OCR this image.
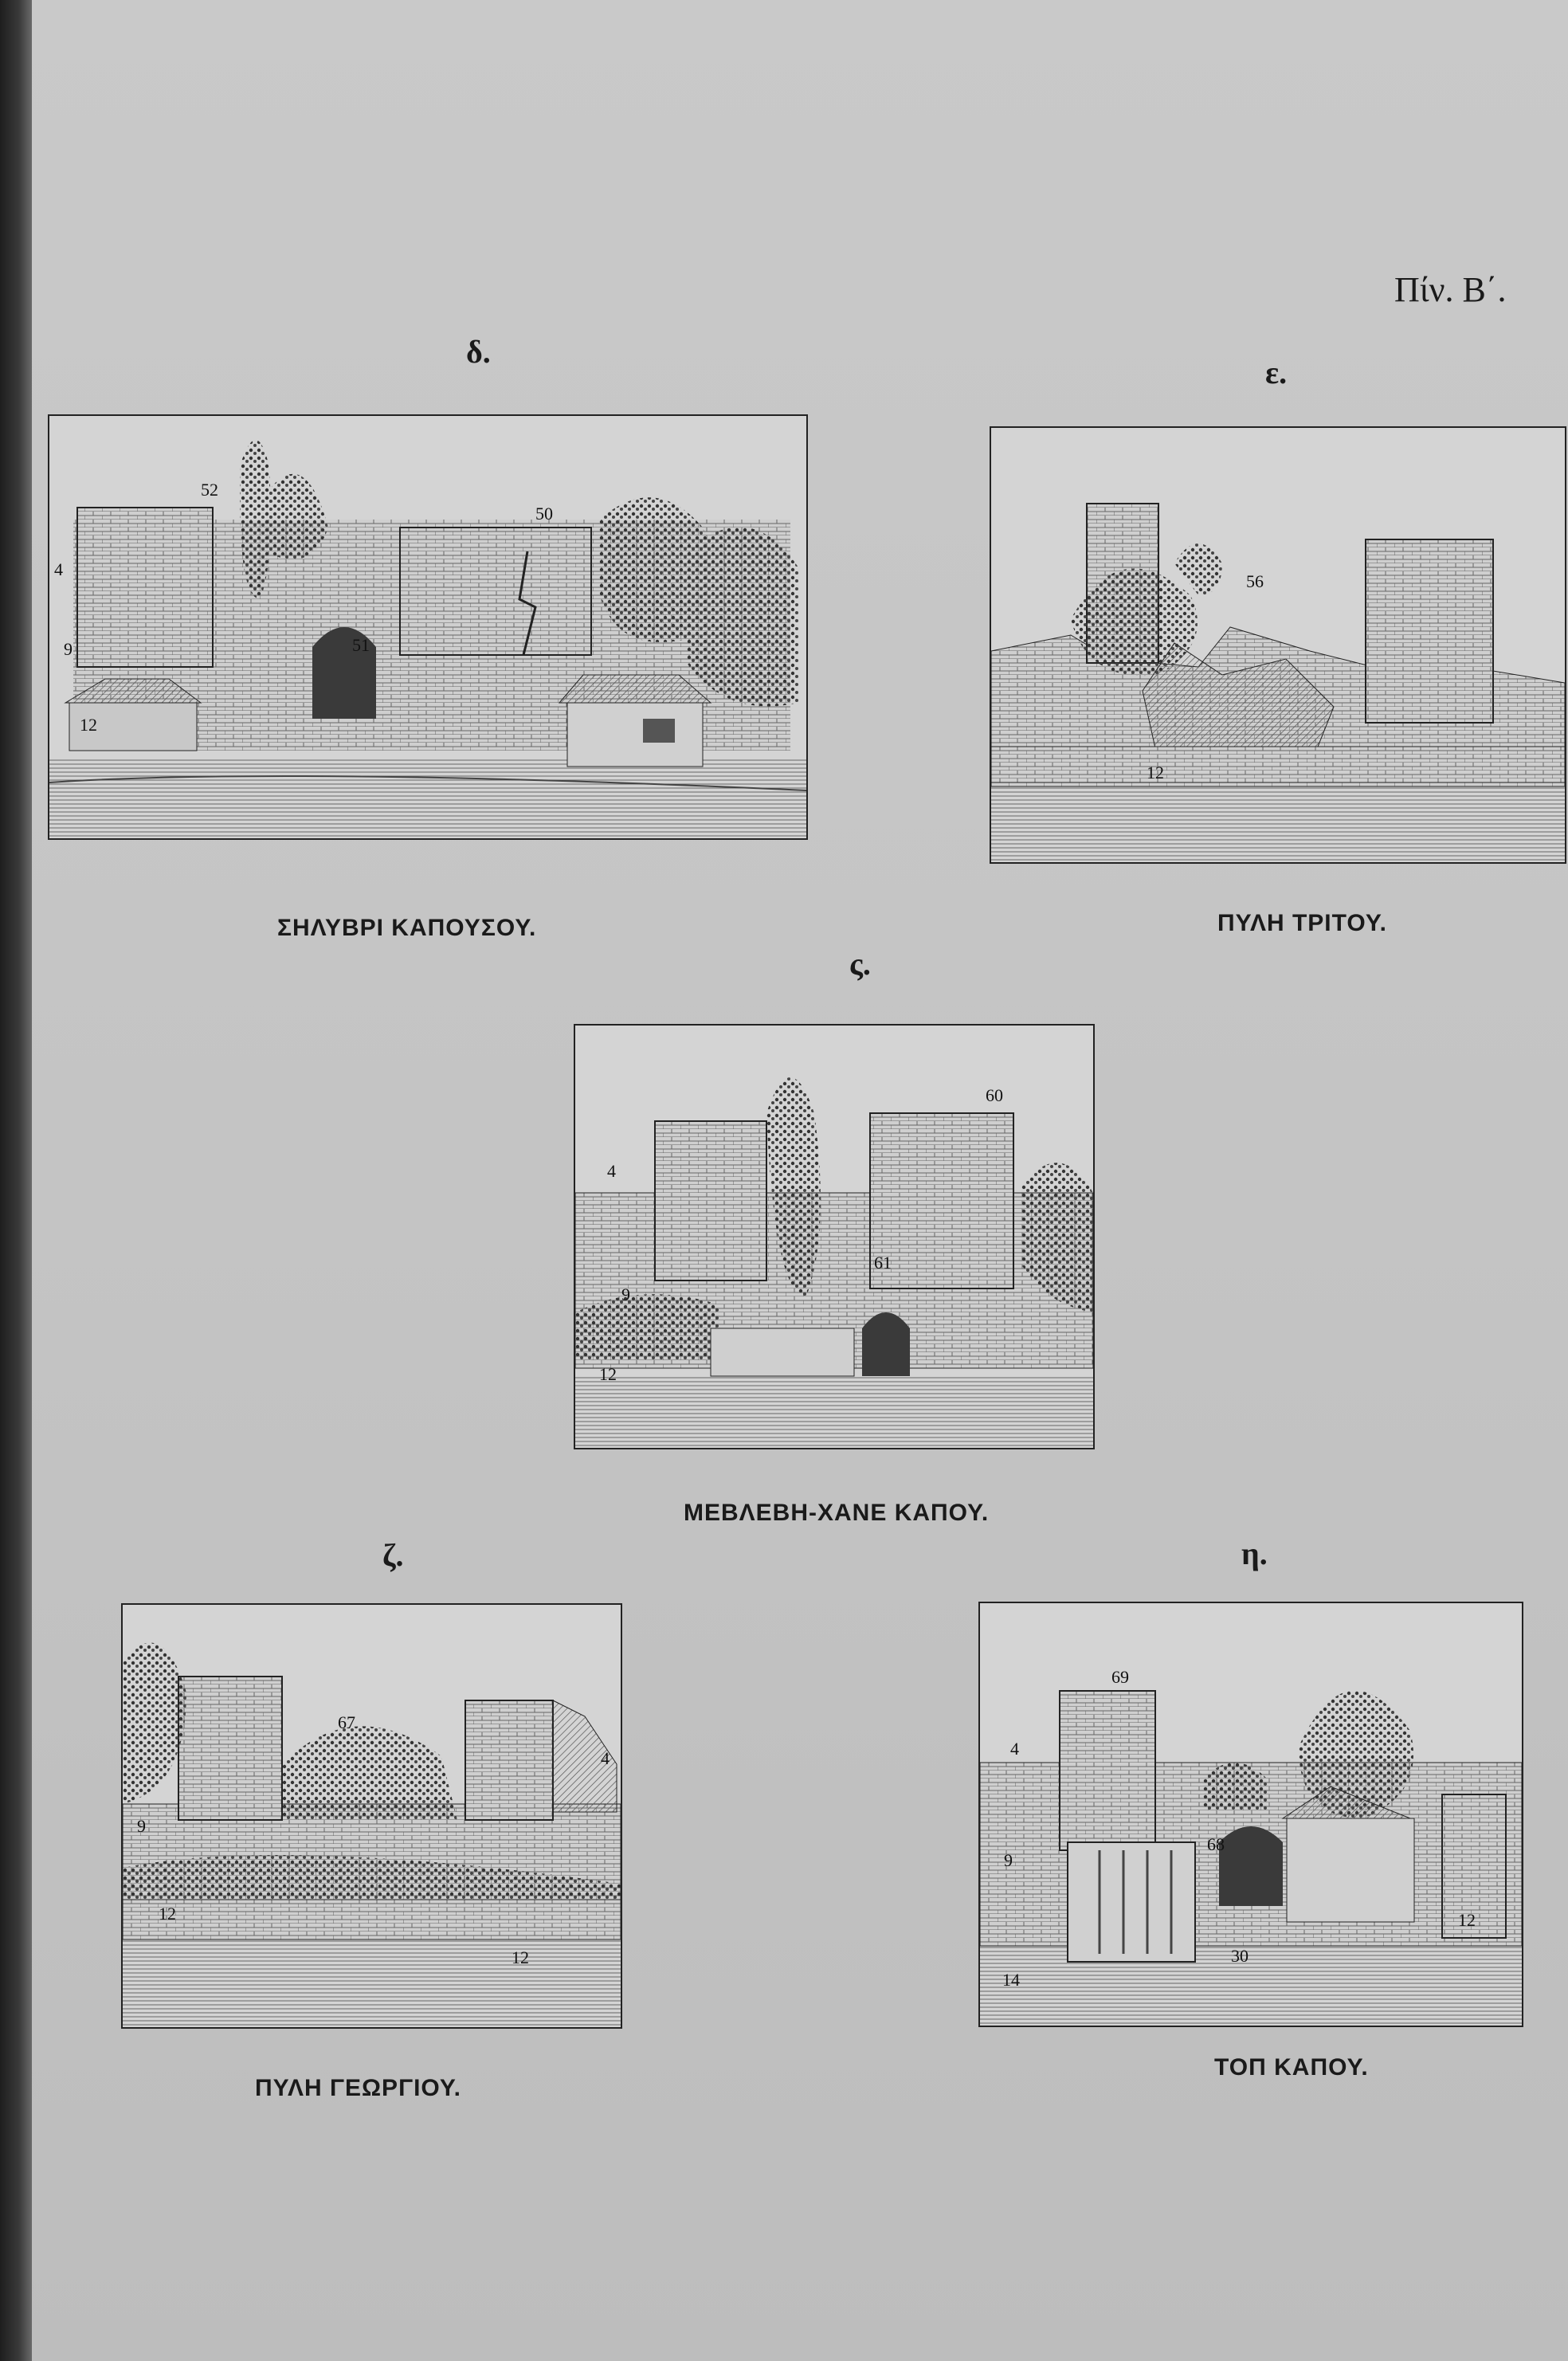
Πίν. Β΄.
δ.
52
50
51
9
12
4
ΣΗΛΥΒΡΙ ΚΑΠΟΥΣΟΥ.
ε.
56
12
ΠΥΛΗ ΤΡΙΤΟΥ.
ς.
60
4
61
9
12
ΜΕΒΛΕΒΗ-ΧΑΝΕ ΚΑΠΟΥ.
ζ.
67
4
9
12
12
ΠΥΛΗ ΓΕΩΡΓΙΟΥ.
η.
69
4
68
9
12
30
14
ΤΟΠ ΚΑΠΟΥ.
